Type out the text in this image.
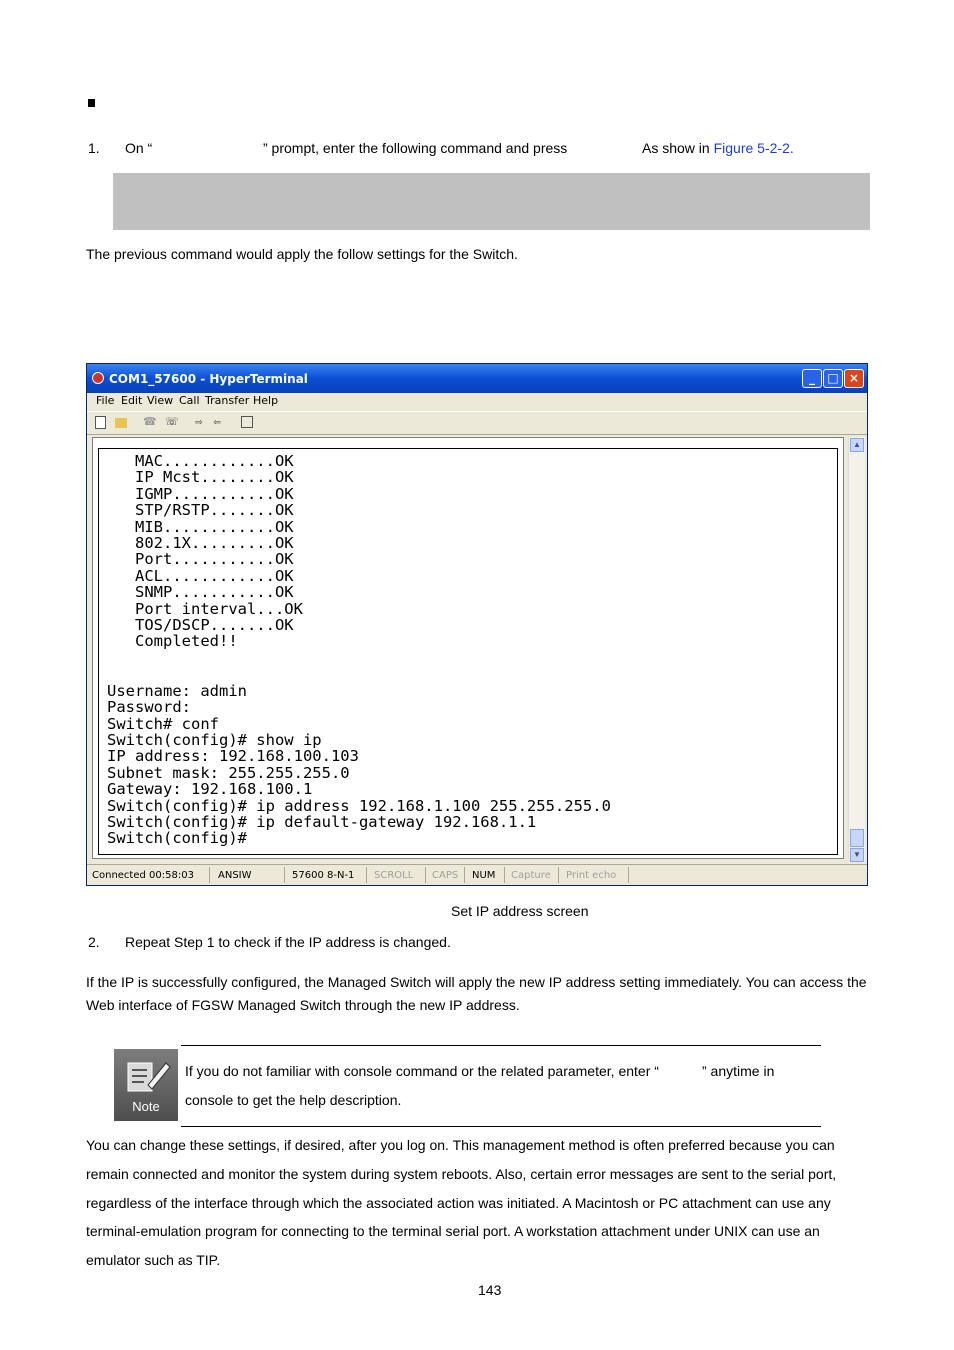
1. On “	” prompt, enter the following command and press	As show in Figure 5-2-2.
The previous command would apply the follow settings for the Switch.
COM1_57600 - HyperTerminal	_	□ ×
File Edit View Call Transfer Help
☎ ☏ ⇨ ⇦
MAC............OK
IP Mcst........OK
IGMP...........OK
STP/RSTP.......OK
MIB............OK
802.1X.........OK
Port...........OK
ACL............OK
SNMP...........OK
Port interval...OK
TOS/DSCP.......OK
Completed!!

Username: admin
Password:
Switch# conf
Switch(config)# show ip
IP address: 192.168.100.103
Subnet mask: 255.255.255.0
Gateway: 192.168.100.1
Switch(config)# ip address 192.168.1.100 255.255.255.0
Switch(config)# ip default-gateway 192.168.1.1
Switch(config)#
▲
▼
Connected 00:58:03 ANSIW	57600 8-N-1 SCROLL CAPS NUM Capture Print echo
Set IP address screen
2. Repeat Step 1 to check if the IP address is changed.
If the IP is successfully configured, the Managed Switch will apply the new IP address setting immediately. You can access the Web interface of FGSW Managed Switch through the new IP address.
Note
If you do not familiar with console command or the related parameter, enter “	” anytime in
console to get the help description.
You can change these settings, if desired, after you log on. This management method is often preferred because you can remain connected and monitor the system during system reboots. Also, certain error messages are sent to the serial port, regardless of the interface through which the associated action was initiated. A Macintosh or PC attachment can use any terminal-emulation program for connecting to the terminal serial port. A workstation attachment under UNIX can use an emulator such as TIP.
143
